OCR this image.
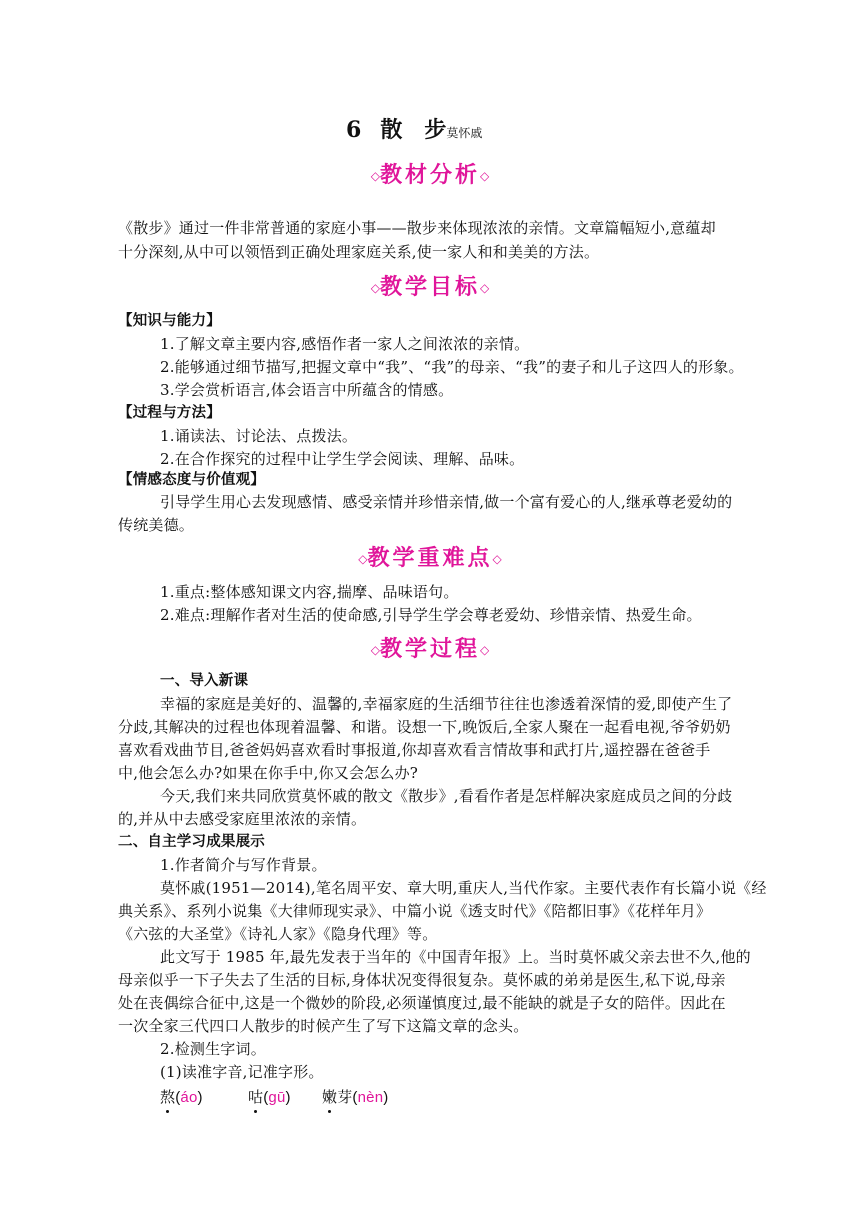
6 散　步莫怀戚
◇教材分析◇
《散步》通过一件非常普通的家庭小事——散步来体现浓浓的亲情。文章篇幅短小,意蕴却
十分深刻,从中可以领悟到正确处理家庭关系,使一家人和和美美的方法。
◇教学目标◇
【知识与能力】
1.了解文章主要内容,感悟作者一家人之间浓浓的亲情。
2.能够通过细节描写,把握文章中“我”、“我”的母亲、“我”的妻子和儿子这四人的形象。
3.学会赏析语言,体会语言中所蕴含的情感。
【过程与方法】
1.诵读法、讨论法、点拨法。
2.在合作探究的过程中让学生学会阅读、理解、品味。
【情感态度与价值观】
引导学生用心去发现感情、感受亲情并珍惜亲情,做一个富有爱心的人,继承尊老爱幼的
传统美德。
◇教学重难点◇
1.重点:整体感知课文内容,揣摩、品味语句。
2.难点:理解作者对生活的使命感,引导学生学会尊老爱幼、珍惜亲情、热爱生命。
◇教学过程◇
一、导入新课
幸福的家庭是美好的、温馨的,幸福家庭的生活细节往往也渗透着深情的爱,即使产生了
分歧,其解决的过程也体现着温馨、和谐。设想一下,晚饭后,全家人聚在一起看电视,爷爷奶奶
喜欢看戏曲节目,爸爸妈妈喜欢看时事报道,你却喜欢看言情故事和武打片,遥控器在爸爸手
中,他会怎么办?如果在你手中,你又会怎么办?
今天,我们来共同欣赏莫怀戚的散文《散步》,看看作者是怎样解决家庭成员之间的分歧
的,并从中去感受家庭里浓浓的亲情。
二、自主学习成果展示
1.作者简介与写作背景。
莫怀戚(1951—2014),笔名周平安、章大明,重庆人,当代作家。主要代表作有长篇小说《经
典关系》、系列小说集《大律师现实录》、中篇小说《透支时代》《陪都旧事》《花样年月》
《六弦的大圣堂》《诗礼人家》《隐身代理》等。
此文写于 1985 年,最先发表于当年的《中国青年报》上。当时莫怀戚父亲去世不久,他的
母亲似乎一下子失去了生活的目标,身体状况变得很复杂。莫怀戚的弟弟是医生,私下说,母亲
处在丧偶综合征中,这是一个微妙的阶段,必须谨慎度过,最不能缺的就是子女的陪伴。因此在
一次全家三代四口人散步的时候产生了写下这篇文章的念头。
2.检测生字词。
(1)读准字音,记准字形。
熬(áo)	咕(gū) 嫩芽(nèn)
